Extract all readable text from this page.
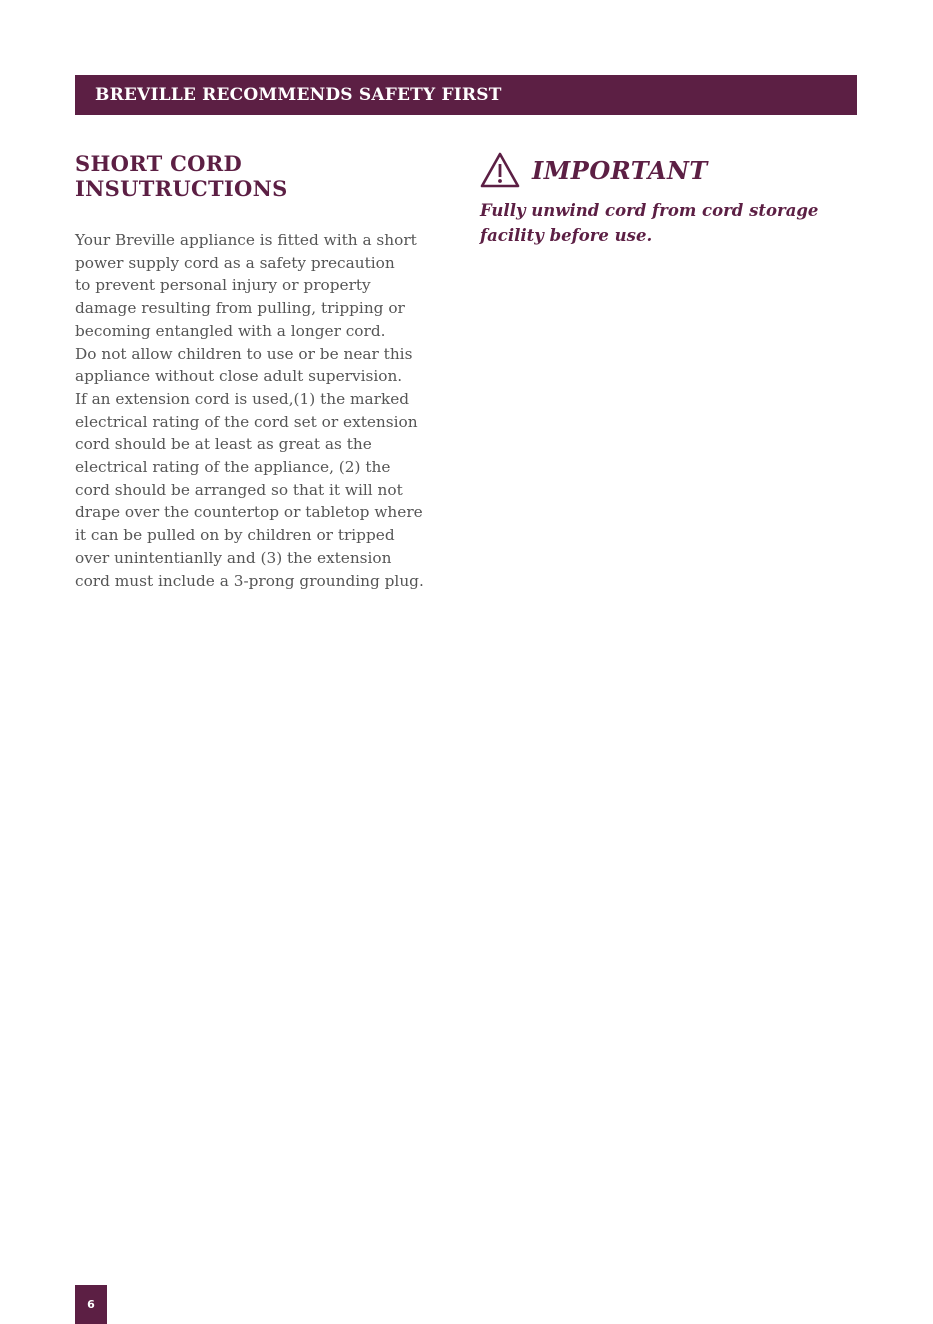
BREVILLE RECOMMENDS SAFETY FIRST
SHORT CORD
INSUTRUCTIONS
Your Breville appliance is fitted with a short
power supply cord as a safety precaution
to prevent personal injury or property
damage resulting from pulling, tripping or
becoming entangled with a longer cord.
Do not allow children to use or be near this
appliance without close adult supervision.
If an extension cord is used,(1) the marked
electrical rating of the cord set or extension
cord should be at least as great as the
electrical rating of the appliance, (2) the
cord should be arranged so that it will not
drape over the countertop or tabletop where
it can be pulled on by children or tripped
over unintentianlly and (3) the extension
cord must include a 3-prong grounding plug.
IMPORTANT
Fully unwind cord from cord storage
facility before use.
6
